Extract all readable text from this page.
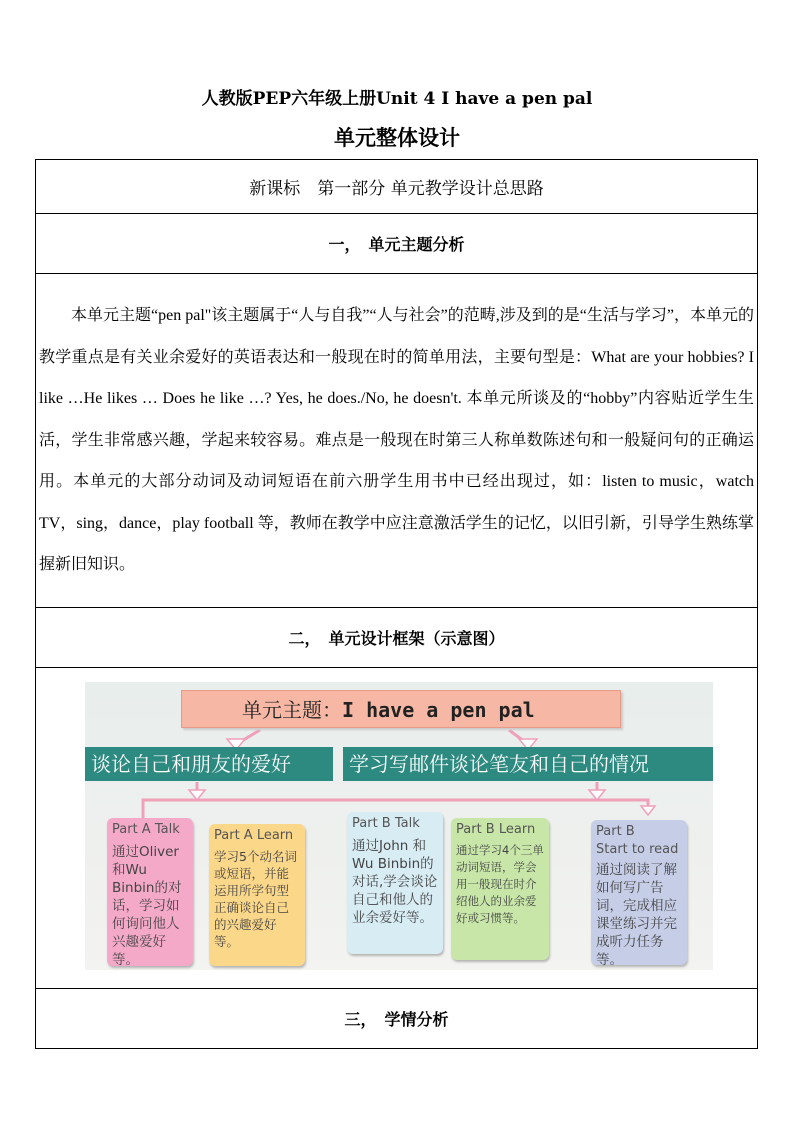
人教版PEP六年级上册Unit 4 I have a pen pal
单元整体设计
新课标　第一部分 单元教学设计总思路
一，　单元主题分析

本单元主题“pen pal"该主题属于“人与自我”“人与社会”的范畴,涉及到的是“生活与学习”，本单元的教学重点是有关业余爱好的英语表达和一般现在时的简单用法，主要句型是：What are your hobbies? I like …He likes … Does he like …? Yes, he does./No, he doesn't. 本单元所谈及的“hobby”内容贴近学生生活，学生非常感兴趣，学起来较容易。难点是一般现在时第三人称单数陈述句和一般疑问句的正确运用。本单元的大部分动词及动词短语在前六册学生用书中已经出现过，如：listen to music，watch TV，sing，dance，play football 等，教师在教学中应注意激活学生的记忆，以旧引新，引导学生熟练掌握新旧知识。

二，　单元设计框架（示意图）

单元主题：I have a pen pal
谈论自己和朋友的爱好	学习写邮件谈论笔友和自己的情况
Part A Talk
通过Oliver和Wu Binbin的对话，学习如何询问他人兴趣爱好等。
Part A Learn
学习5个动名词或短语，并能运用所学句型正确谈论自己的兴趣爱好等。
Part B Talk
通过John 和Wu Binbin的对话,学会谈论自己和他人的业余爱好等。
Part B Learn
通过学习4个三单动词短语，学会用一般现在时介绍他人的业余爱好或习惯等。
Part B
Start to read
通过阅读了解如何写广告词，完成相应课堂练习并完成听力任务等。

三，　学情分析
